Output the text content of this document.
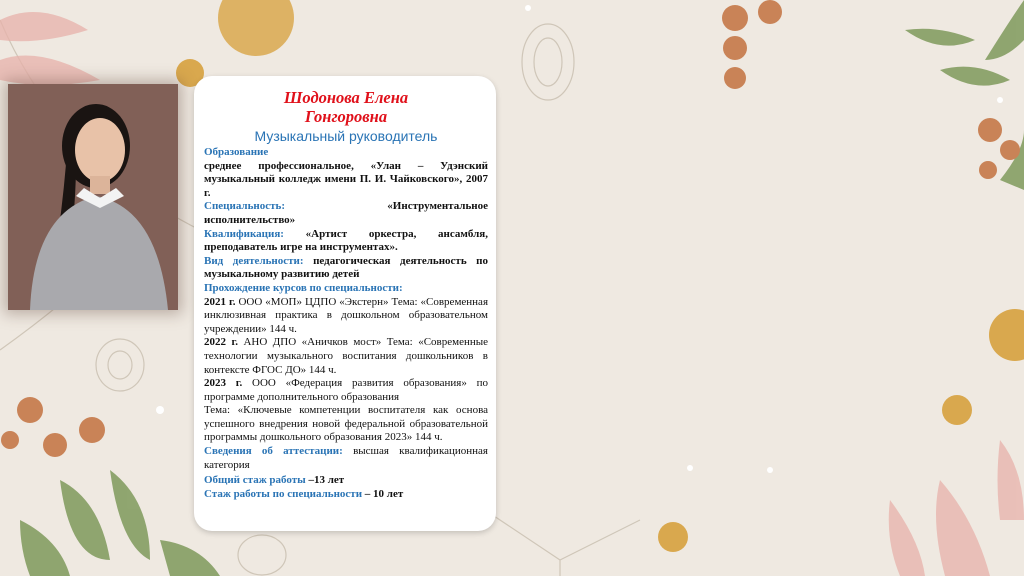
Шодонова Елена
Гонгоровна

Музыкальный руководитель
Образование
среднее профессиональное, «Улан – Удэнский музыкальный колледж имени П. И. Чайковского», 2007 г.
Специальность:	«Инструментальное
исполнительство»
Квалификация: «Артист оркестра, ансамбля, преподаватель игре на инструментах».
Вид деятельности: педагогическая деятельность по музыкальному развитию детей
Прохождение курсов по специальности:
2021 г. ООО «МОП» ЦДПО «Экстерн» Тема: «Современная инклюзивная практика в дошкольном образовательном учреждении» 144 ч.
2022 г. АНО ДПО «Аничков мост» Тема: «Современные технологии музыкального воспитания дошкольников в контексте ФГОС ДО» 144 ч.
2023 г. ООО «Федерация развития образования» по программе дополнительного образования
Тема: «Ключевые компетенции воспитателя как основа успешного внедрения новой федеральной образовательной программы дошкольного образования 2023» 144 ч.
Сведения об аттестации: высшая квалификационная категория
Общий стаж работы –13 лет
Стаж работы по специальности – 10 лет
